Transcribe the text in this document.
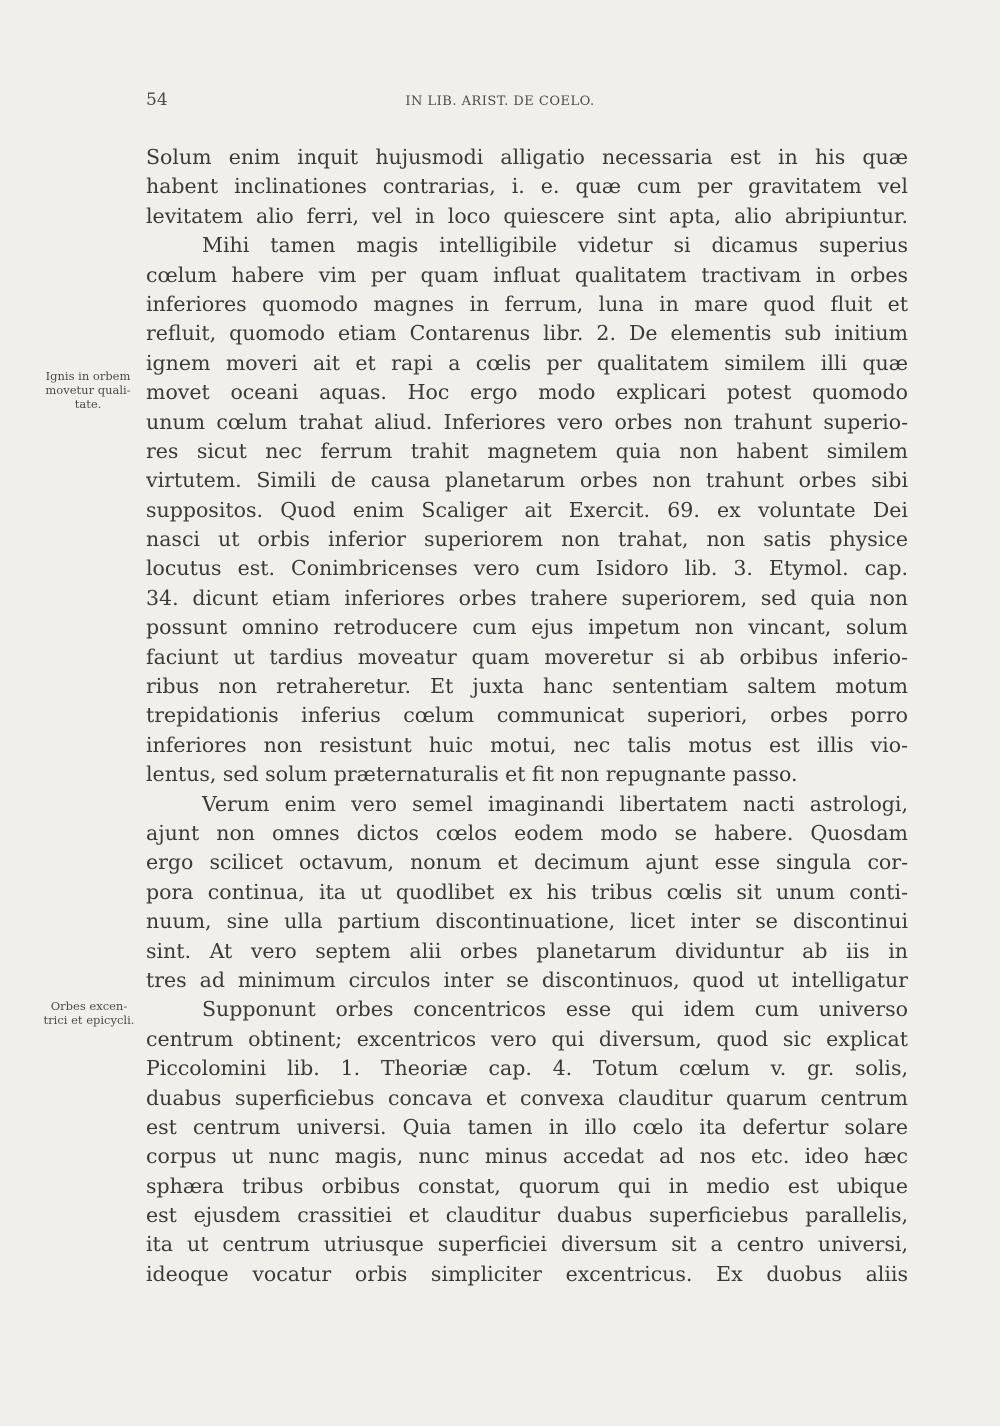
54	IN LIB. ARIST. DE COELO.
Ignis in orbem
movetur quali-
tate.
Orbes excen-
trici et epicycli.
Solum enim inquit hujusmodi alligatio necessaria est in his quæ
habent inclinationes contrarias, i. e. quæ cum per gravitatem vel
levitatem alio ferri, vel in loco quiescere sint apta, alio abripiuntur.
Mihi tamen magis intelligibile videtur si dicamus superius
cœlum habere vim per quam influat qualitatem tractivam in orbes
inferiores quomodo magnes in ferrum, luna in mare quod fluit et
refluit, quomodo etiam Contarenus libr. 2. De elementis sub initium
ignem moveri ait et rapi a cœlis per qualitatem similem illi quæ
movet oceani aquas. Hoc ergo modo explicari potest quomodo
unum cœlum trahat aliud. Inferiores vero orbes non trahunt superio-
res sicut nec ferrum trahit magnetem quia non habent similem
virtutem. Simili de causa planetarum orbes non trahunt orbes sibi
suppositos. Quod enim Scaliger ait Exercit. 69. ex voluntate Dei
nasci ut orbis inferior superiorem non trahat, non satis physice
locutus est. Conimbricenses vero cum Isidoro lib. 3. Etymol. cap.
34. dicunt etiam inferiores orbes trahere superiorem, sed quia non
possunt omnino retroducere cum ejus impetum non vincant, solum
faciunt ut tardius moveatur quam moveretur si ab orbibus inferio-
ribus non retraheretur. Et juxta hanc sententiam saltem motum
trepidationis inferius cœlum communicat superiori, orbes porro
inferiores non resistunt huic motui, nec talis motus est illis vio-
lentus, sed solum præternaturalis et fit non repugnante passo.
Verum enim vero semel imaginandi libertatem nacti astrologi,
ajunt non omnes dictos cœlos eodem modo se habere. Quosdam
ergo scilicet octavum, nonum et decimum ajunt esse singula cor-
pora continua, ita ut quodlibet ex his tribus cœlis sit unum conti-
nuum, sine ulla partium discontinuatione, licet inter se discontinui
sint. At vero septem alii orbes planetarum dividuntur ab iis in
tres ad minimum circulos inter se discontinuos, quod ut intelligatur
Supponunt orbes concentricos esse qui idem cum universo
centrum obtinent; excentricos vero qui diversum, quod sic explicat
Piccolomini lib. 1. Theoriæ cap. 4. Totum cœlum v. gr. solis,
duabus superficiebus concava et convexa clauditur quarum centrum
est centrum universi. Quia tamen in illo cœlo ita defertur solare
corpus ut nunc magis, nunc minus accedat ad nos etc. ideo hæc
sphæra tribus orbibus constat, quorum qui in medio est ubique
est ejusdem crassitiei et clauditur duabus superficiebus parallelis,
ita ut centrum utriusque superficiei diversum sit a centro universi,
ideoque vocatur orbis simpliciter excentricus. Ex duobus aliis
